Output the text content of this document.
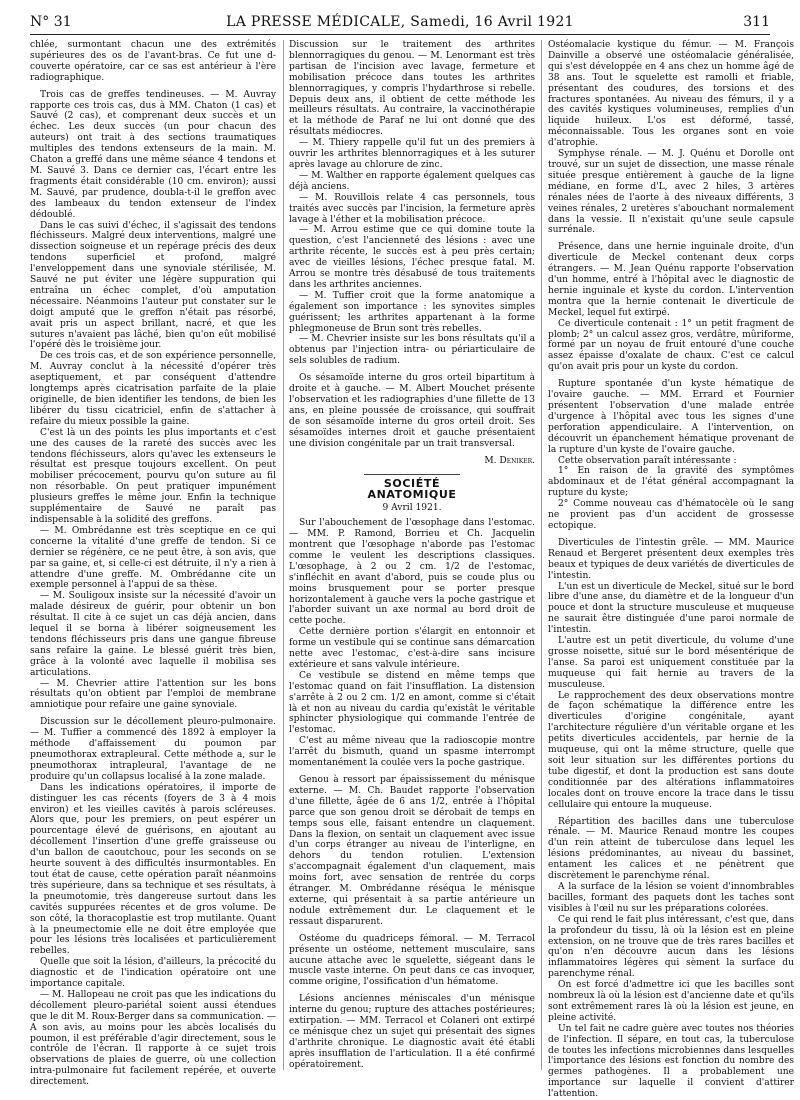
N° 31	LA PRESSE MÉDICALE, Samedi, 16 Avril 1921	311

chlée, surmontant chacun une des extrémités supérieures des os de l'avant-bras. Ce fut une d-couverte opératoire, car ce sas est antérieur à l'ère radiographique.

Trois cas de greffes tendineuses. — M. Auvray rapporte ces trois cas, dus à MM. Chaton (1 cas) et Sauvé (2 cas), et comprenant deux succès et un échec. Les deux succès (un pour chacun des auteurs) ont trait à des sections traumatiques multiples des tendons extenseurs de la main. M. Chaton a greffé dans une même séance 4 tendons et M. Sauvé 3. Dans ce dernier cas, l'écart entre les fragments était considérable (10 cm. environ); aussi M. Sauvé, par prudence, doubla-t-il le greffon avec des lambeaux du tendon extenseur de l'index dédoublé.

Dans le cas suivi d'échec, il s'agissait des tendons fléchisseurs. Malgré deux interventions, malgré une dissection soigneuse et un repérage précis des deux tendons superficiel et profond, malgré l'enveloppement dans une synoviale stérilisée, M. Sauvé ne put éviter une légère suppuration qui entraîna un échec complet, d'où amputation nécessaire. Néanmoins l'auteur put constater sur le doigt amputé que le greffon n'était pas résorbé, avait pris un aspect brillant, nacré, et que les sutures n'avaient pas lâché, bien qu'on eût mobilisé l'opéré dès le troisième jour.

De ces trois cas, et de son expérience personnelle, M. Auvray conclut à la nécessité d'opérer très aseptiquement, et par conséquent d'attendre longtemps après cicatrisation parfaite de la plaie originelle, de bien identifier les tendons, de bien les libérer du tissu cicatriciel, enfin de s'attacher à refaire du mieux possible la gaine.

C'est là un des points les plus importants et c'est une des causes de la rareté des succès avec les tendons fléchisseurs, alors qu'avec les extenseurs le résultat est presque toujours excellent. On peut mobiliser précocement, pourvu qu'on suture au fil non résorbable. On peut pratiquer impunément plusieurs greffes le même jour. Enfin la technique supplémentaire de Sauvé ne paraît pas indispensable à la solidité des greffons.

— M. Ombrédanne est très sceptique en ce qui concerne la vitalité d'une greffe de tendon. Si ce dernier se régénère, ce ne peut être, à son avis, que par sa gaine, et, si celle-ci est détruite, il n'y a rien à attendre d'une greffe. M. Ombrédanne cite un exemple personnel à l'appui de sa thèse.

— M. Souligoux insiste sur la nécessité d'avoir un malade désireux de guérir, pour obtenir un bon résultat. Il cite à ce sujet un cas déjà ancien, dans lequel il se borna à libérer soigneusement les tendons fléchisseurs pris dans une gangue fibreuse sans refaire la gaine. Le blessé guérit très bien, grâce à la volonté avec laquelle il mobilisa ses articulations.

— M. Chevrier attire l'attention sur les bons résultats qu'on obtient par l'emploi de membrane amniotique pour refaire une gaine synoviale.

Discussion sur le décollement pleuro-pulmonaire. — M. Tuffier a commencé dès 1892 à employer la méthode d'affaissement du poumon par pneumothorax extrapleural. Cette méthode a, sur le pneumothorax intrapleural, l'avantage de ne produire qu'un collapsus localisé à la zone malade.

Dans les indications opératoires, il importe de distinguer les cas récents (foyers de 3 à 4 mois environ) et les vieilles cavités à parois scléreuses. Alors que, pour les premiers, on peut espérer un pourcentage élevé de guérisons, en ajoutant au décollement l'insertion d'une greffe graisseuse ou d'un ballon de caoutchouc, pour les seconds on se heurte souvent à des difficultés insurmontables. En tout état de cause, cette opération paraît néanmoins très supérieure, dans sa technique et ses résultats, à la pneumotomie, très dangereuse surtout dans les cavités suppurées récentes et de gros volume. De son côté, la thoracoplastie est trop mutilante. Quant à la pneumectomie elle ne doit être employée que pour les lésions très localisées et particulièrement rebelles.

Quelle que soit la lésion, d'ailleurs, la précocité du diagnostic et de l'indication opératoire ont une importance capitale.

— M. Hallopeau ne croit pas que les indications du décollement pleuro-pariétal soient aussi étendues que le dit M. Roux-Berger dans sa communication. — A son avis, au moins pour les abcès localisés du poumon, il est préférable d'agir directement, sous le contrôle de l'écran. Il rapporte à ce sujet trois observations de plaies de guerre, où une collection intra-pulmonaire fut facilement repérée, et ouverte directement.

Discussion sur le traitement des arthrites blennorragiques du genou. — M. Lenormant est très partisan de l'incision avec lavage, fermeture et mobilisation précoce dans toutes les arthrites blennorragiques, y compris l'hydarthrose si rebelle. Depuis deux ans, il obtient de cette méthode les meilleurs résultats. Au contraire, la vaccinothérapie et la méthode de Paraf ne lui ont donné que des résultats médiocres.

— M. Thiery rappelle qu'il fut un des premiers à ouvrir les arthrites blennorragiques et à les suturer après lavage au chlorure de zinc.

— M. Walther en rapporte également quelques cas déjà anciens.

— M. Rouvillois relate 4 cas personnels, tous traités avec succès par l'incision, la fermeture après lavage à l'éther et la mobilisation précoce.

— M. Arrou estime que ce qui domine toute la question, c'est l'ancienneté des lésions : avec une arthrite récente, le succès est à peu près certain; avec de vieilles lésions, l'échec presque fatal. M. Arrou se montre très désabusé de tous traitements dans les arthrites anciennes.

— M. Tuffier croit que la forme anatomique a également son importance : les synovites simples guérissent; les arthrites appartenant à la forme phlegmoneuse de Brun sont très rebelles.

— M. Chevrier insiste sur les bons résultats qu'il a obtenus par l'injection intra- ou périarticulaire de sels solubles de radium.

Os sésamoïde interne du gros orteil bipartitum à droite et à gauche. — M. Albert Mouchet présente l'observation et les radiographies d'une fillette de 13 ans, en pleine poussée de croissance, qui souffrait de son sésamoïde interne du gros orteil droit. Ses sésamoïdes internes droit et gauche présentaient une division congénitale par un trait transversal.

M. Deniker.
SOCIÉTÉ ANATOMIQUE
9 Avril 1921.

Sur l'abouchement de l'œsophage dans l'estomac. — MM. P. Ramond, Borrieu et Ch. Jacquelin montrent que l'œsophage n'aborde pas l'estomac comme le veulent les descriptions classiques. L'œsophage, à 2 ou 2 cm. 1/2 de l'estomac, s'infléchit en avant d'abord, puis se coude plus ou moins brusquement pour se porter presque horizontalement à gauche vers la poche gastrique et l'aborder suivant un axe normal au bord droit de cette poche.

Cette dernière portion s'élargit en entonnoir et forme un vestibule qui se continue sans démarcation nette avec l'estomac, c'est-à-dire sans incisure extérieure et sans valvule intérieure.

Ce vestibule se distend en même temps que l'estomac quand on fait l'insufflation. La distension s'arrête à 2 ou 2 cm. 1/2 en amont, comme si c'était là et non au niveau du cardia qu'existât le véritable sphincter physiologique qui commande l'entrée de l'estomac.

C'est au même niveau que la radioscopie montre l'arrêt du bismuth, quand un spasme interrompt momentanément la coulée vers la poche gastrique.

Genou à ressort par épaississement du ménisque externe. — M. Ch. Baudet rapporte l'observation d'une fillette, âgée de 6 ans 1/2, entrée à l'hôpital parce que son genou droit se dérobait de temps en temps sous elle, faisant entendre un claquement. Dans la flexion, on sentait un claquement avec issue d'un corps étranger au niveau de l'interligne, en dehors du tendon rotulien. L'extension s'accompagnait également d'un claquement, mais moins fort, avec sensation de rentrée du corps étranger. M. Ombrédanne réséqua le ménisque externe, qui présentait à sa partie antérieure un nodule extrêmement dur. Le claquement et le ressaut disparurent.

Ostéome du quadriceps fémoral. — M. Terracol présente un ostéome, nettement musculaire, sans aucune attache avec le squelette, siégeant dans le muscle vaste interne. On peut dans ce cas invoquer, comme origine, l'ossification d'un hématome.

Lésions anciennes méniscales d'un ménisque interne du genou; rupture des attaches postérieures; extirpation. — MM. Terracol et Colaneri ont extirpé ce ménisque chez un sujet qui présentait des signes d'arthrite chronique. Le diagnostic avait été établi après insufflation de l'articulation. Il a été confirmé opératoirement.

Ostéomalacie kystique du fémur. — M. François Dainville a observé une ostéomalacie généralisée, qui s'est développée en 4 ans chez un homme âgé de 38 ans. Tout le squelette est ramolli et friable, présentant des coudures, des torsions et des fractures spontanées. Au niveau des fémurs, il y a des cavités kystiques volumineuses, remplies d'un liquide huileux. L'os est déformé, tassé, méconnaissable. Tous les organes sont en voie d'atrophie.

Symphyse rénale. — M. J. Quénu et Dorolle ont trouvé, sur un sujet de dissection, une masse rénale située presque entièrement à gauche de la ligne médiane, en forme d'L, avec 2 hiles, 3 artères rénales nées de l'aorte à des niveaux différents, 3 veines rénales, 2 uretères s'abouchant normalement dans la vessie. Il n'existait qu'une seule capsule surrénale.

Présence, dans une hernie inguinale droite, d'un diverticule de Meckel contenant deux corps étrangers. — M. Jean Quénu rapporte l'observation d'un homme, entré à l'hôpital avec le diagnostic de hernie inguinale et kyste du cordon. L'intervention montra que la hernie contenait le diverticule de Meckel, lequel fut extirpé.

Ce diverticule contenait : 1° un petit fragment de plomb; 2° un calcul assez gros, verdâtre, mûriforme, formé par un noyau de fruit entouré d'une couche assez épaisse d'oxalate de chaux. C'est ce calcul qu'on avait pris pour un kyste du cordon.

Rupture spontanée d'un kyste hématique de l'ovaire gauche. — MM. Errard et Fournier présentent l'observation d'une malade entrée d'urgence à l'hôpital avec tous les signes d'une perforation appendiculaire. A l'intervention, on découvrit un épanchement hématique provenant de la rupture d'un kyste de l'ovaire gauche.

Cette observation paraît intéressante :

1° En raison de la gravité des symptômes abdominaux et de l'état général accompagnant la rupture du kyste;

2° Comme nouveau cas d'hématocèle où le sang ne provient pas d'un accident de grossesse ectopique.

Diverticules de l'intestin grêle. — MM. Maurice Renaud et Bergeret présentent deux exemples très beaux et typiques de deux variétés de diverticules de l'intestin.

L'un est un diverticule de Meckel, situé sur le bord libre d'une anse, du diamètre et de la longueur d'un pouce et dont la structure musculeuse et muqueuse ne saurait être distinguée d'une paroi normale de l'intestin.

L'autre est un petit diverticule, du volume d'une grosse noisette, situé sur le bord mésentérique de l'anse. Sa paroi est uniquement constituée par la muqueuse qui fait hernie au travers de la musculeuse.

Le rapprochement des deux observations montre de façon schématique la différence entre les diverticules d'origine congénitale, ayant l'architecture régulière d'un véritable organe et les petits diverticules accidentels, par hernie de la muqueuse, qui ont la même structure, quelle que soit leur situation sur les différentes portions du tube digestif, et dont la production est sans doute conditionnée par des altérations inflammatoires locales dont on trouve encore la trace dans le tissu cellulaire qui entoure la muqueuse.

Répartition des bacilles dans une tuberculose rénale. — M. Maurice Renaud montre les coupes d'un rein atteint de tuberculose dans lequel les lésions prédominantes, au niveau du bassinet, entament les calices et ne pénètrent que discrètement le parenchyme rénal.

A la surface de la lésion se voient d'innombrables bacilles, formant des paquets dont les taches sont visibles à l'œil nu sur les préparations colorées.

Ce qui rend le fait plus intéressant, c'est que, dans la profondeur du tissu, là où la lésion est en pleine extension, on ne trouve que de très rares bacilles et qu'on n'en découvre aucun dans les lésions inflammatoires légères qui sèment la surface du parenchyme rénal.

On est forcé d'admettre ici que les bacilles sont nombreux là où la lésion est d'ancienne date et qu'ils sont extrêmement rares là où la lésion est jeune, en pleine activité.

Un tel fait ne cadre guère avec toutes nos théories de l'infection. Il sépare, en tout cas, la tuberculose de toutes les infections microbiennes dans lesquelles l'importance des lésions est fonction du nombre des germes pathogènes. Il a probablement une importance sur laquelle il convient d'attirer l'attention.
